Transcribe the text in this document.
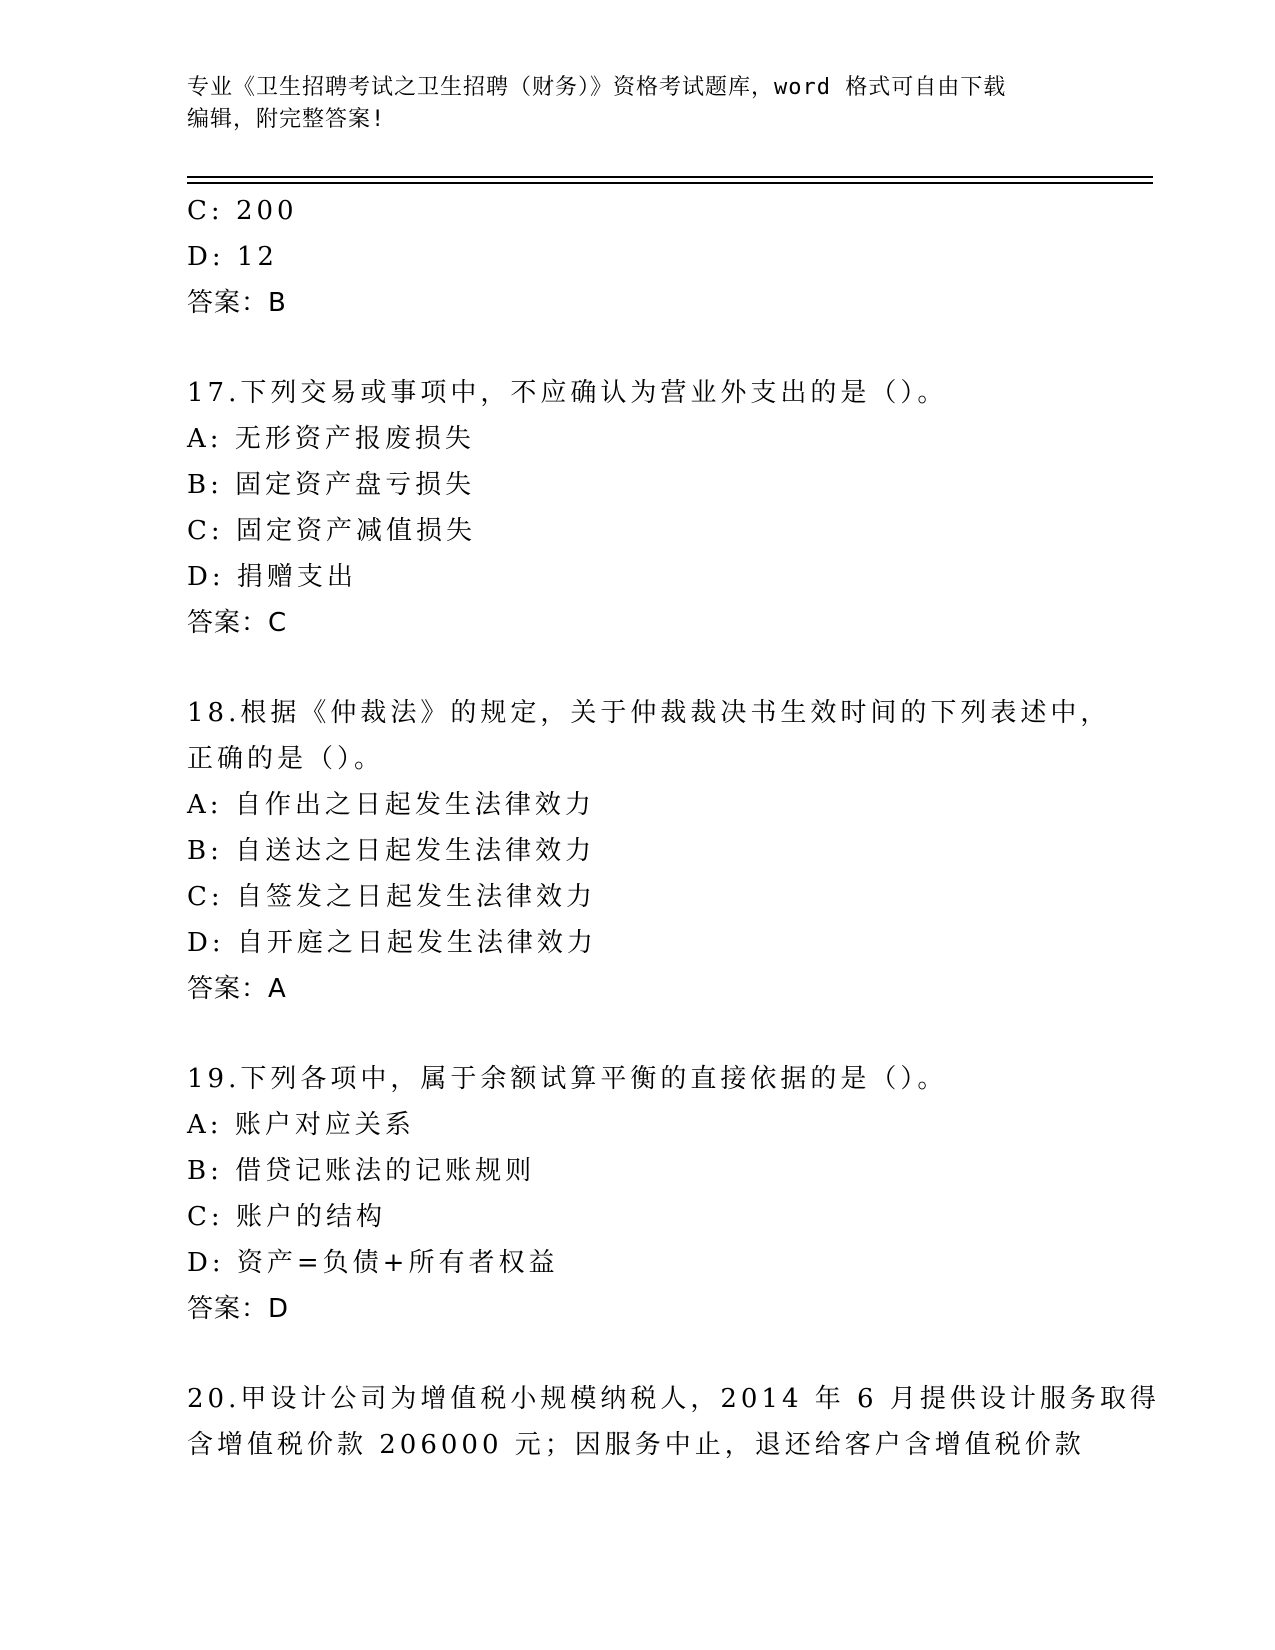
专业《卫生招聘考试之卫生招聘（财务）》资格考试题库，word 格式可自由下载
编辑，附完整答案!
C: 200
D: 12
答案：B
17.下列交易或事项中，不应确认为营业外支出的是（）。
A: 无形资产报废损失
B: 固定资产盘亏损失
C: 固定资产减值损失
D: 捐赠支出
答案：C
18.根据《仲裁法》的规定，关于仲裁裁决书生效时间的下列表述中，
正确的是（）。
A: 自作出之日起发生法律效力
B: 自送达之日起发生法律效力
C: 自签发之日起发生法律效力
D: 自开庭之日起发生法律效力
答案：A
19.下列各项中，属于余额试算平衡的直接依据的是（）。
A: 账户对应关系
B: 借贷记账法的记账规则
C: 账户的结构
D: 资产=负债+所有者权益
答案：D
20.甲设计公司为增值税小规模纳税人，2014 年 6 月提供设计服务取得
含增值税价款 206000 元；因服务中止，退还给客户含增值税价款
